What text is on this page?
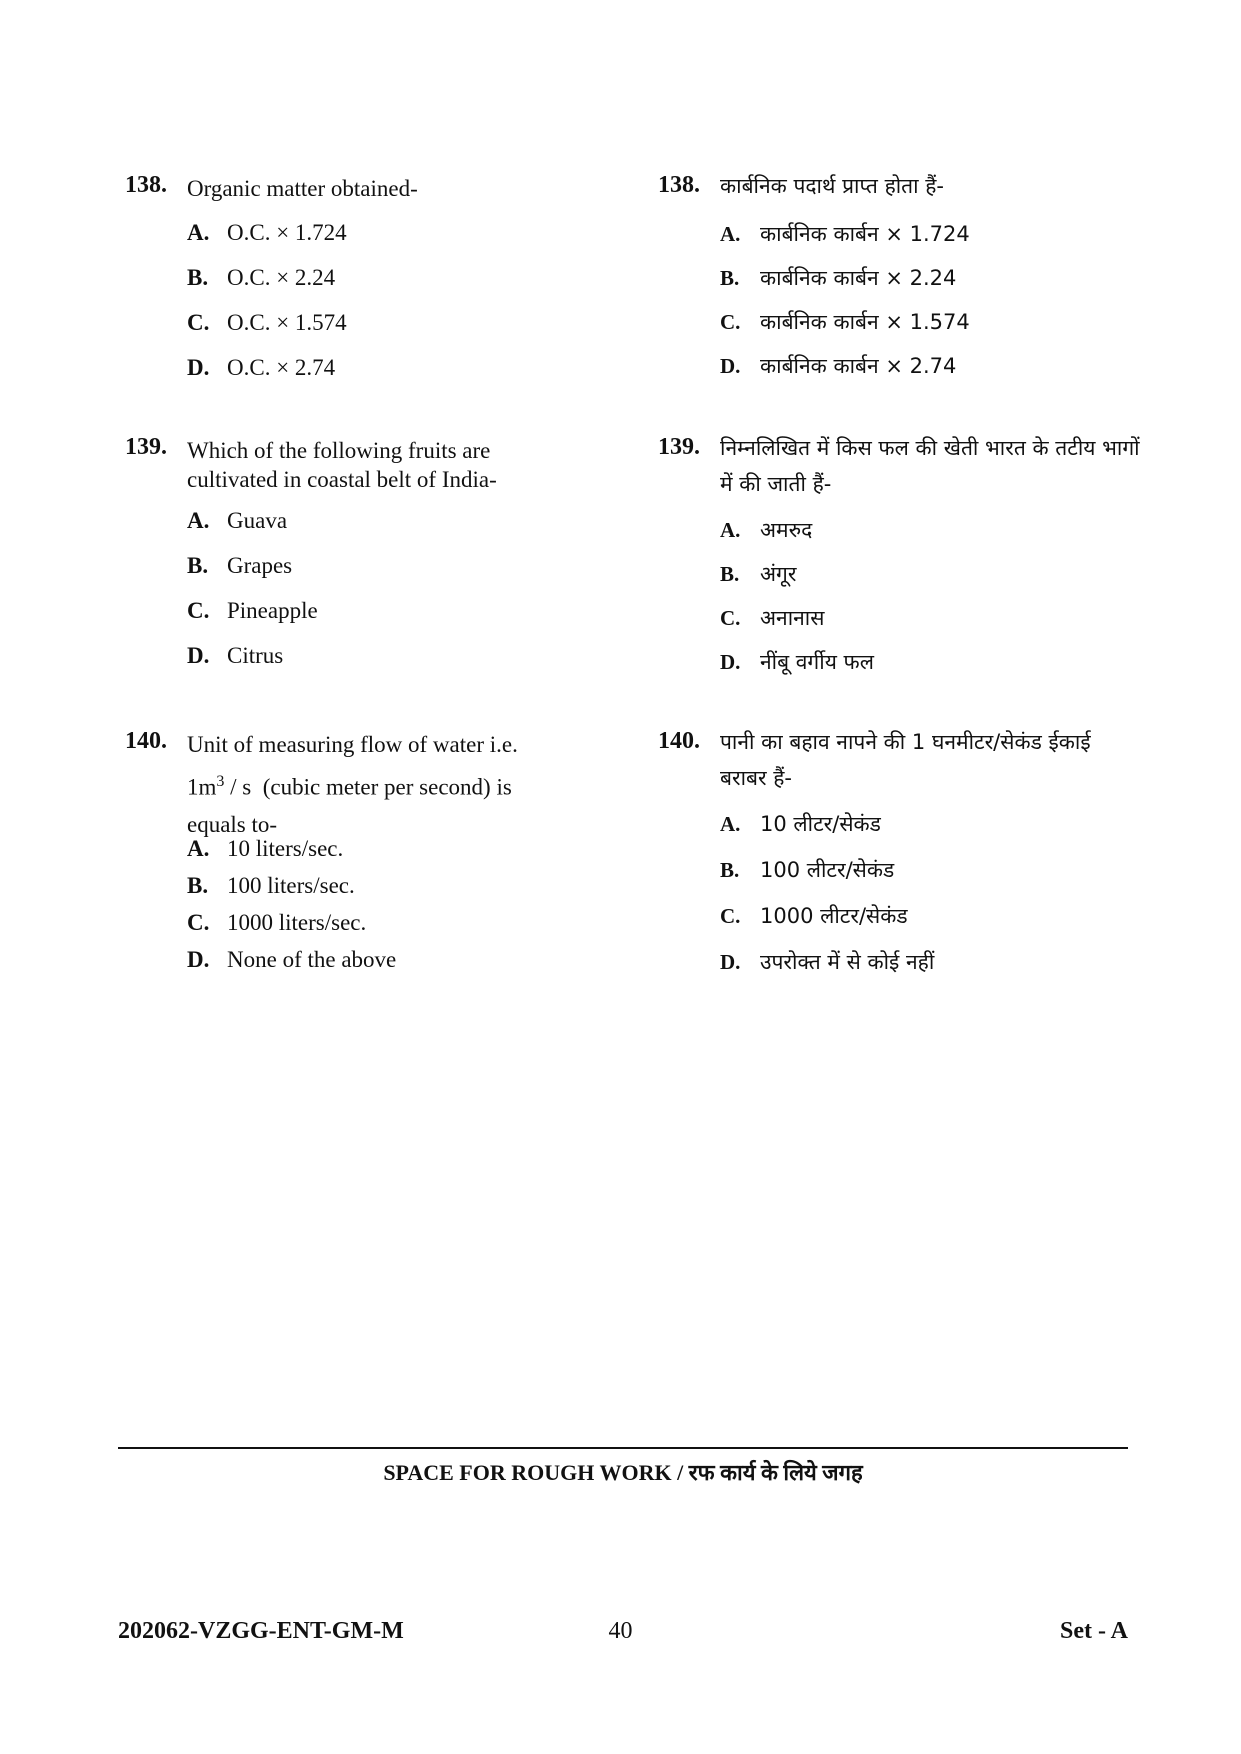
138. Organic matter obtained-
A. O.C. × 1.724
B. O.C. × 2.24
C. O.C. × 1.574
D. O.C. × 2.74
139. Which of the following fruits are cultivated in coastal belt of India-
A. Guava
B. Grapes
C. Pineapple
D. Citrus
140. Unit of measuring flow of water i.e.
$1m^3$ / s  (cubic meter per second) is
equals to-
A. 10 liters/sec.
B. 100 liters/sec.
C. 1000 liters/sec.
D. None of the above
138. कार्बनिक पदार्थ प्राप्त होता हैं-
A. कार्बनिक कार्बन × 1.724
B. कार्बनिक कार्बन × 2.24
C. कार्बनिक कार्बन × 1.574
D. कार्बनिक कार्बन × 2.74
139. निम्नलिखित में किस फल की खेती भारत के तटीय भागों में की जाती हैं-
A. अमरुद
B. अंगूर
C. अनानास
D. नींबू वर्गीय फल
140. पानी का बहाव नापने की 1 घनमीटर/सेकंड ईकाई बराबर हैं-
A. 10 लीटर/सेकंड
B. 100 लीटर/सेकंड
C. 1000 लीटर/सेकंड
D. उपरोक्त में से कोई नहीं
SPACE FOR ROUGH WORK / रफ कार्य के लिये जगह
202062-VZGG-ENT-GM-M	40	Set - A
